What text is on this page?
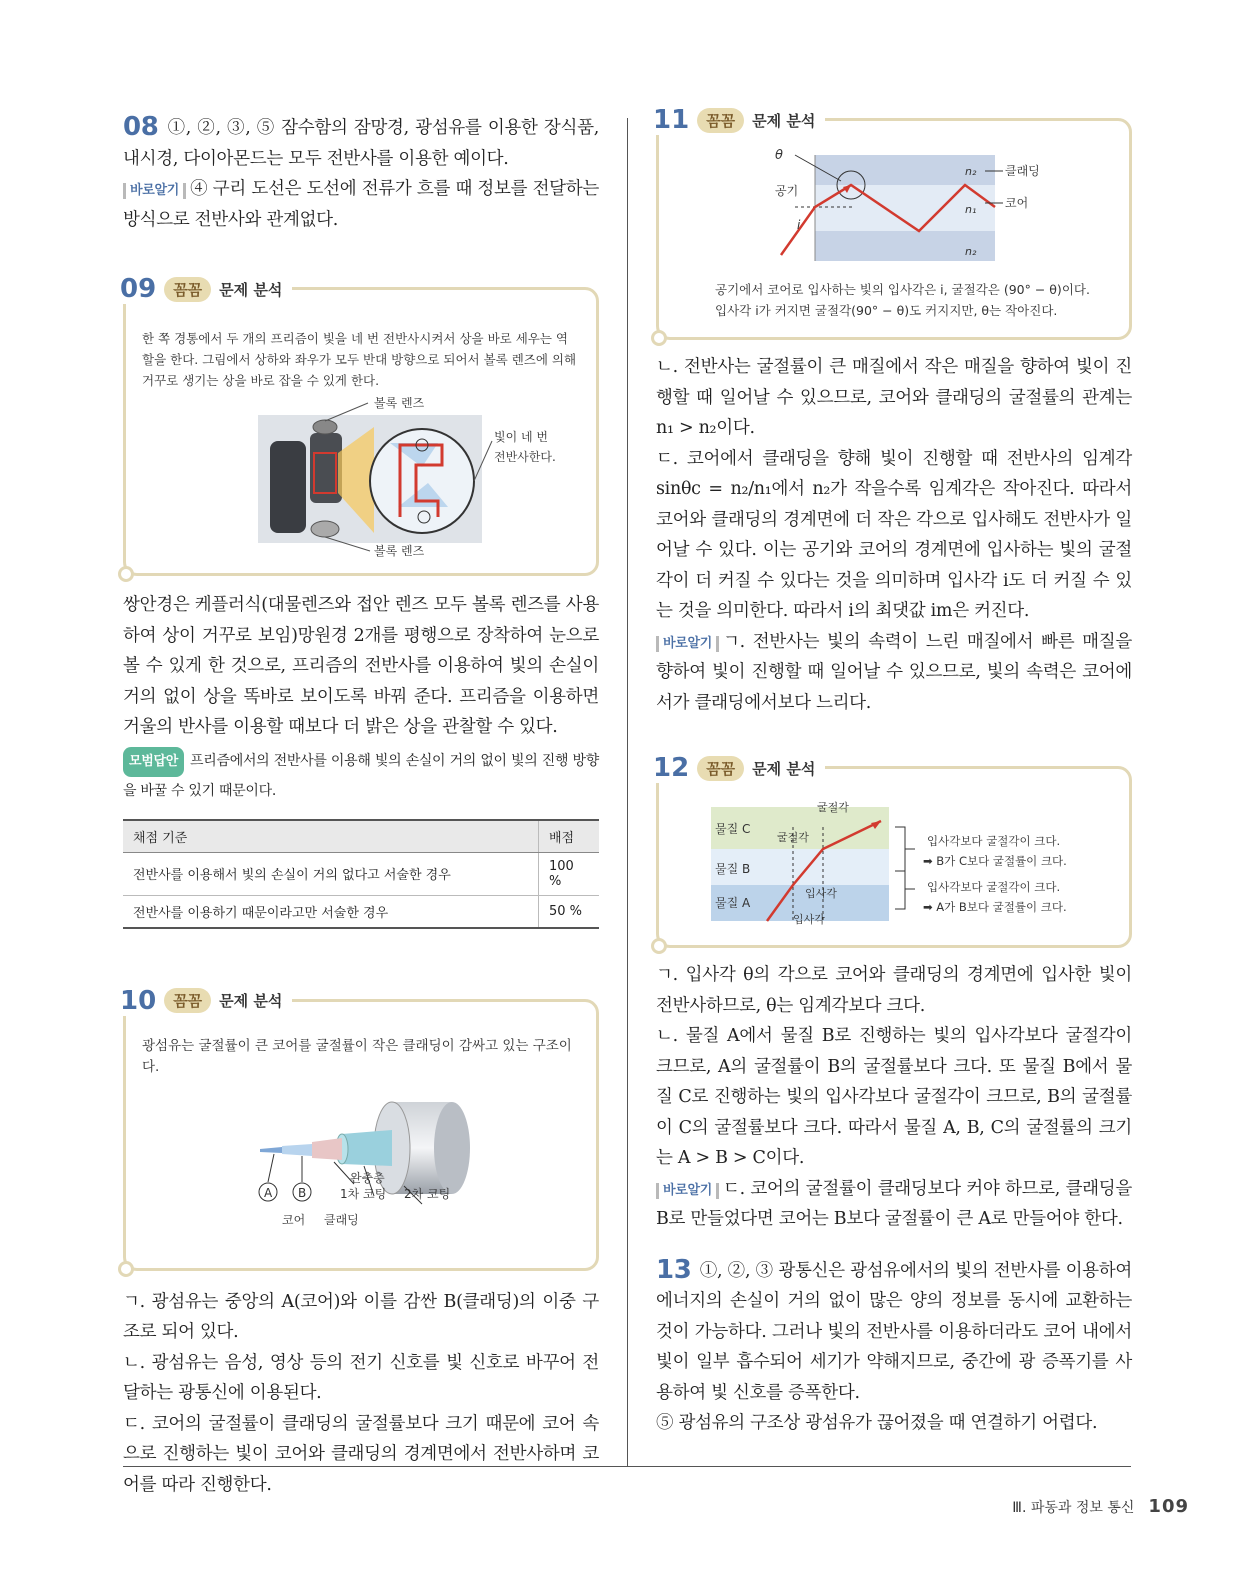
08 ①, ②, ③, ⑤ 잠수함의 잠망경, 광섬유를 이용한 장식품, 내시경, 다이아몬드는 모두 전반사를 이용한 예이다.

바로알기 ④ 구리 도선은 도선에 전류가 흐를 때 정보를 전달하는 방식으로 전반사와 관계없다.

09	꼼꼼	문제 분석

한 쪽 경통에서 두 개의 프리즘이 빛을 네 번 전반사시켜서 상을 바로 세우는 역할을 한다. 그림에서 상하와 좌우가 모두 반대 방향으로 되어서 볼록 렌즈에 의해 거꾸로 생기는 상을 바로 잡을 수 있게 한다.

볼록 렌즈
볼록 렌즈
빛이 네 번
전반사한다.

쌍안경은 케플러식(대물렌즈와 접안 렌즈 모두 볼록 렌즈를 사용하여 상이 거꾸로 보임)망원경 2개를 평행으로 장착하여 눈으로 볼 수 있게 한 것으로, 프리즘의 전반사를 이용하여 빛의 손실이 거의 없이 상을 똑바로 보이도록 바꿔 준다. 프리즘을 이용하면 거울의 반사를 이용할 때보다 더 밝은 상을 관찰할 수 있다.

모범답안 프리즘에서의 전반사를 이용해 빛의 손실이 거의 없이 빛의 진행 방향을 바꿀 수 있기 때문이다.

채점 기준	배점
전반사를 이용해서 빛의 손실이 거의 없다고 서술한 경우	100 %
전반사를 이용하기 때문이라고만 서술한 경우	50 %
10	꼼꼼	문제 분석

광섬유는 굴절률이 큰 코어를 굴절률이 작은 클래딩이 감싸고 있는 구조이다.

A B
완충층
1차 코팅 2차 코팅
코어 클래딩

ㄱ. 광섬유는 중앙의 A(코어)와 이를 감싼 B(클래딩)의 이중 구조로 되어 있다.

ㄴ. 광섬유는 음성, 영상 등의 전기 신호를 빛 신호로 바꾸어 전달하는 광통신에 이용된다.

ㄷ. 코어의 굴절률이 클래딩의 굴절률보다 크기 때문에 코어 속으로 진행하는 빛이 코어와 클래딩의 경계면에서 전반사하며 코어를 따라 진행한다.

11	꼼꼼	문제 분석
θ
공기
i
n₂
n₁
n₂
클래딩
코어

공기에서 코어로 입사하는 빛의 입사각은 i, 굴절각은 (90° − θ)이다.

입사각 i가 커지면 굴절각(90° − θ)도 커지지만, θ는 작아진다.

ㄴ. 전반사는 굴절률이 큰 매질에서 작은 매질을 향하여 빛이 진행할 때 일어날 수 있으므로, 코어와 클래딩의 굴절률의 관계는 n₁ > n₂이다.

ㄷ. 코어에서 클래딩을 향해 빛이 진행할 때 전반사의 임계각 sinθc = n₂/n₁에서 n₂가 작을수록 임계각은 작아진다. 따라서 코어와 클래딩의 경계면에 더 작은 각으로 입사해도 전반사가 일어날 수 있다. 이는 공기와 코어의 경계면에 입사하는 빛의 굴절각이 더 커질 수 있다는 것을 의미하며 입사각 i도 더 커질 수 있는 것을 의미한다. 따라서 i의 최댓값 im은 커진다.

바로알기 ㄱ. 전반사는 빛의 속력이 느린 매질에서 빠른 매질을 향하여 빛이 진행할 때 일어날 수 있으므로, 빛의 속력은 코어에서가 클래딩에서보다 느리다.

12	꼼꼼	문제 분석
물질 C
물질 B
물질 A
굴절각
굴절각
입사각
입사각
입사각보다 굴절각이 크다.
➡ B가 C보다 굴절률이 크다.
입사각보다 굴절각이 크다.
➡ A가 B보다 굴절률이 크다.

ㄱ. 입사각 θ의 각으로 코어와 클래딩의 경계면에 입사한 빛이 전반사하므로, θ는 임계각보다 크다.

ㄴ. 물질 A에서 물질 B로 진행하는 빛의 입사각보다 굴절각이 크므로, A의 굴절률이 B의 굴절률보다 크다. 또 물질 B에서 물질 C로 진행하는 빛의 입사각보다 굴절각이 크므로, B의 굴절률이 C의 굴절률보다 크다. 따라서 물질 A, B, C의 굴절률의 크기는 A > B > C이다.

바로알기 ㄷ. 코어의 굴절률이 클래딩보다 커야 하므로, 클래딩을 B로 만들었다면 코어는 B보다 굴절률이 큰 A로 만들어야 한다.

13 ①, ②, ③ 광통신은 광섬유에서의 빛의 전반사를 이용하여 에너지의 손실이 거의 없이 많은 양의 정보를 동시에 교환하는 것이 가능하다. 그러나 빛의 전반사를 이용하더라도 코어 내에서 빛이 일부 흡수되어 세기가 약해지므로, 중간에 광 증폭기를 사용하여 빛 신호를 증폭한다.

⑤ 광섬유의 구조상 광섬유가 끊어졌을 때 연결하기 어렵다.

Ⅲ. 파동과 정보 통신 109
